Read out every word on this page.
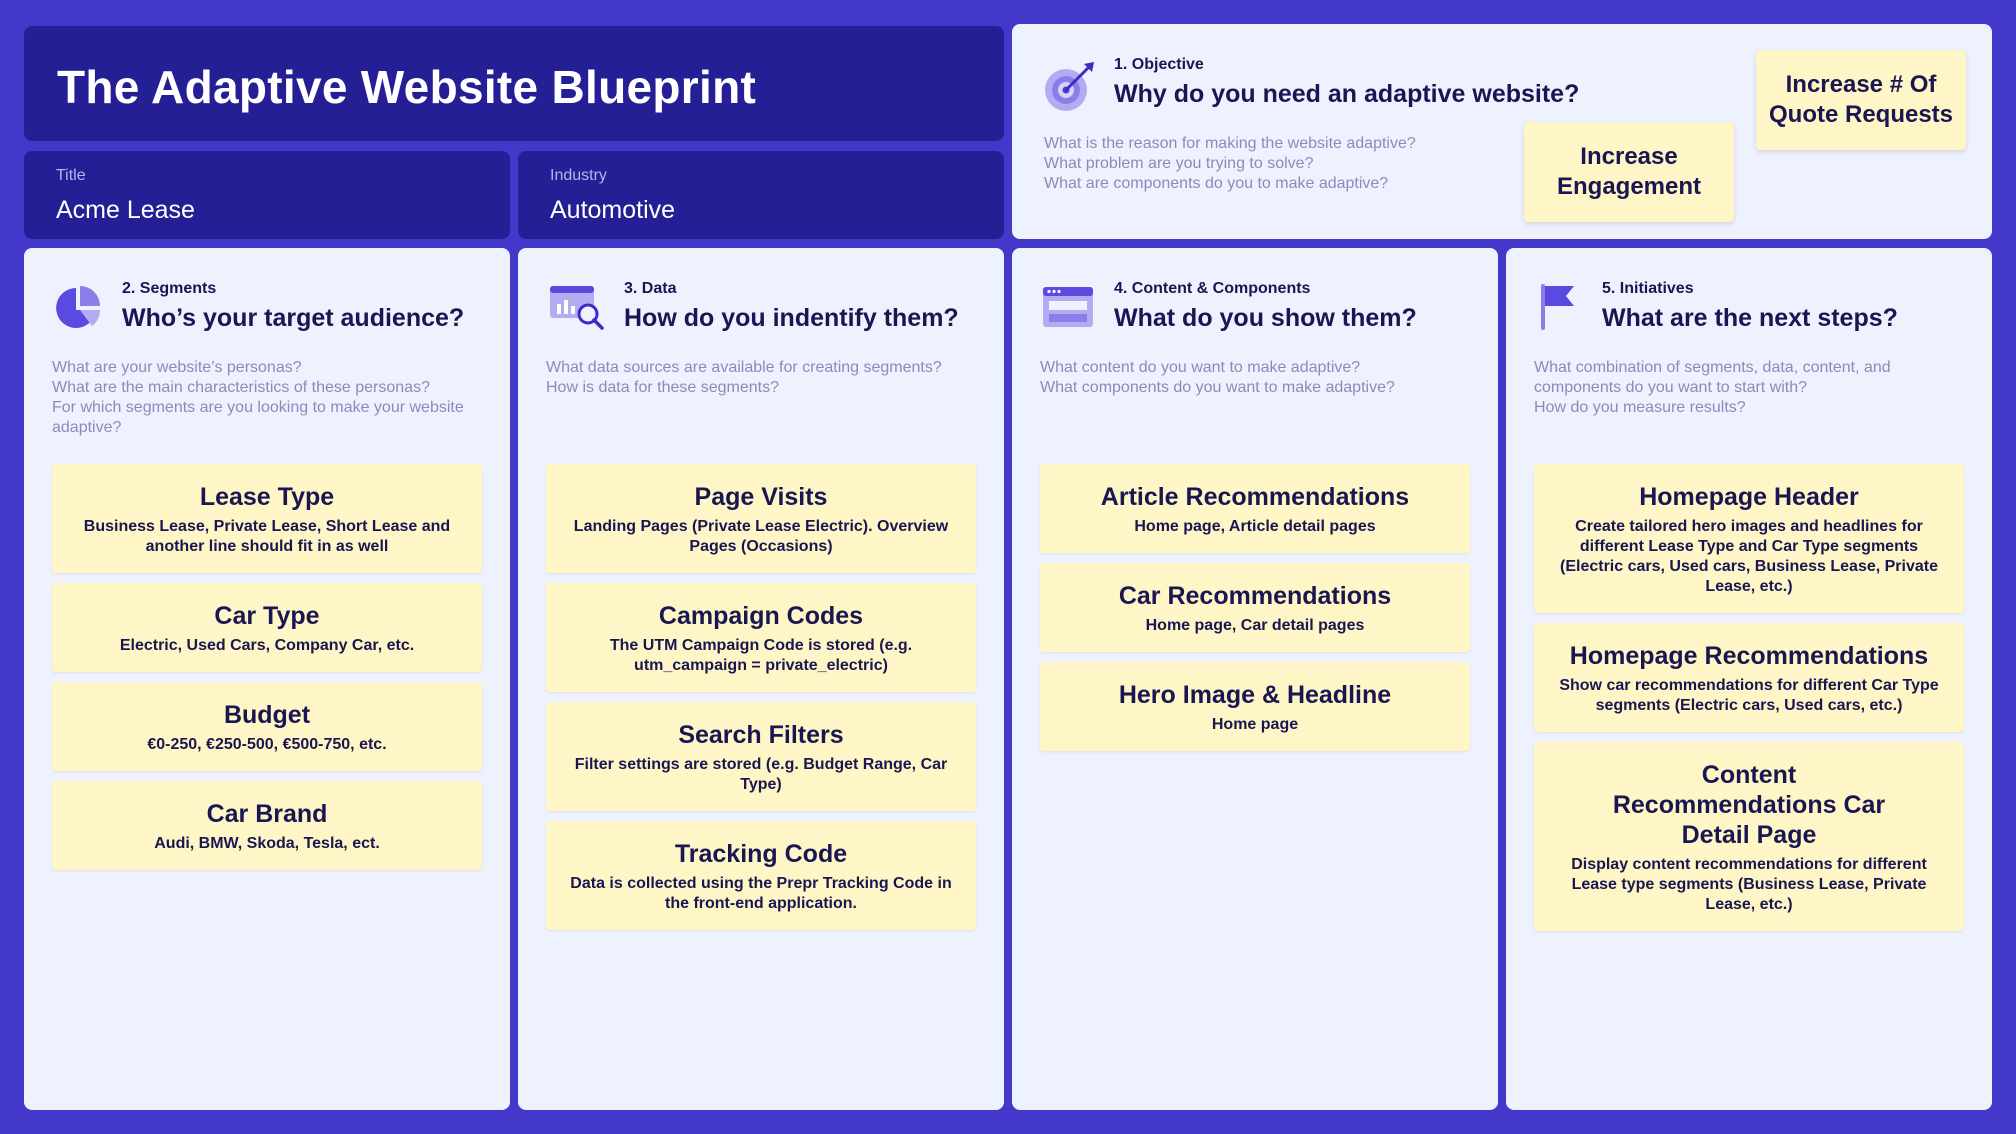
The Adaptive Website Blueprint
Title
Acme Lease
Industry
Automotive
1. Objective
Why do you need an adaptive website?
What is the reason for making the website adaptive?
What problem are you trying to solve?
What are components do you to make adaptive?
Increase # Of Quote Requests
Increase Engagement
2. Segments
Who’s your target audience?
What are your website’s personas?
What are the main characteristics of these personas?
For which segments are you looking to make your website adaptive?
Lease Type
Business Lease, Private Lease, Short Lease and another line should fit in as well
Car Type
Electric, Used Cars, Company Car, etc.
Budget
€0-250, €250-500, €500-750, etc.
Car Brand
Audi, BMW, Skoda, Tesla, ect.
3. Data
How do you indentify them?
What data sources are available for creating segments?
How is data for these segments?
Page Visits
Landing Pages (Private Lease Electric). Overview Pages (Occasions)
Campaign Codes
The UTM Campaign Code is stored (e.g. utm_campaign = private_electric)
Search Filters
Filter settings are stored (e.g. Budget Range, Car Type)
Tracking Code
Data is collected using the Prepr Tracking Code in the front-end application.
4. Content & Components
What do you show them?
What content do you want to make adaptive?
What components do you want to make adaptive?
Article Recommendations
Home page, Article detail pages
Car Recommendations
Home page, Car detail pages
Hero Image & Headline
Home page
5. Initiatives
What are the next steps?
What combination of segments, data, content, and components do you want to start with?
How do you measure results?
Homepage Header
Create tailored hero images and headlines for different Lease Type and Car Type segments (Electric cars, Used cars, Business Lease, Private Lease, etc.)
Homepage Recommendations
Show car recommendations for different Car Type segments (Electric cars, Used cars, etc.)
Content Recommendations Car Detail Page
Display content recommendations for different Lease type segments (Business Lease, Private Lease, etc.)
